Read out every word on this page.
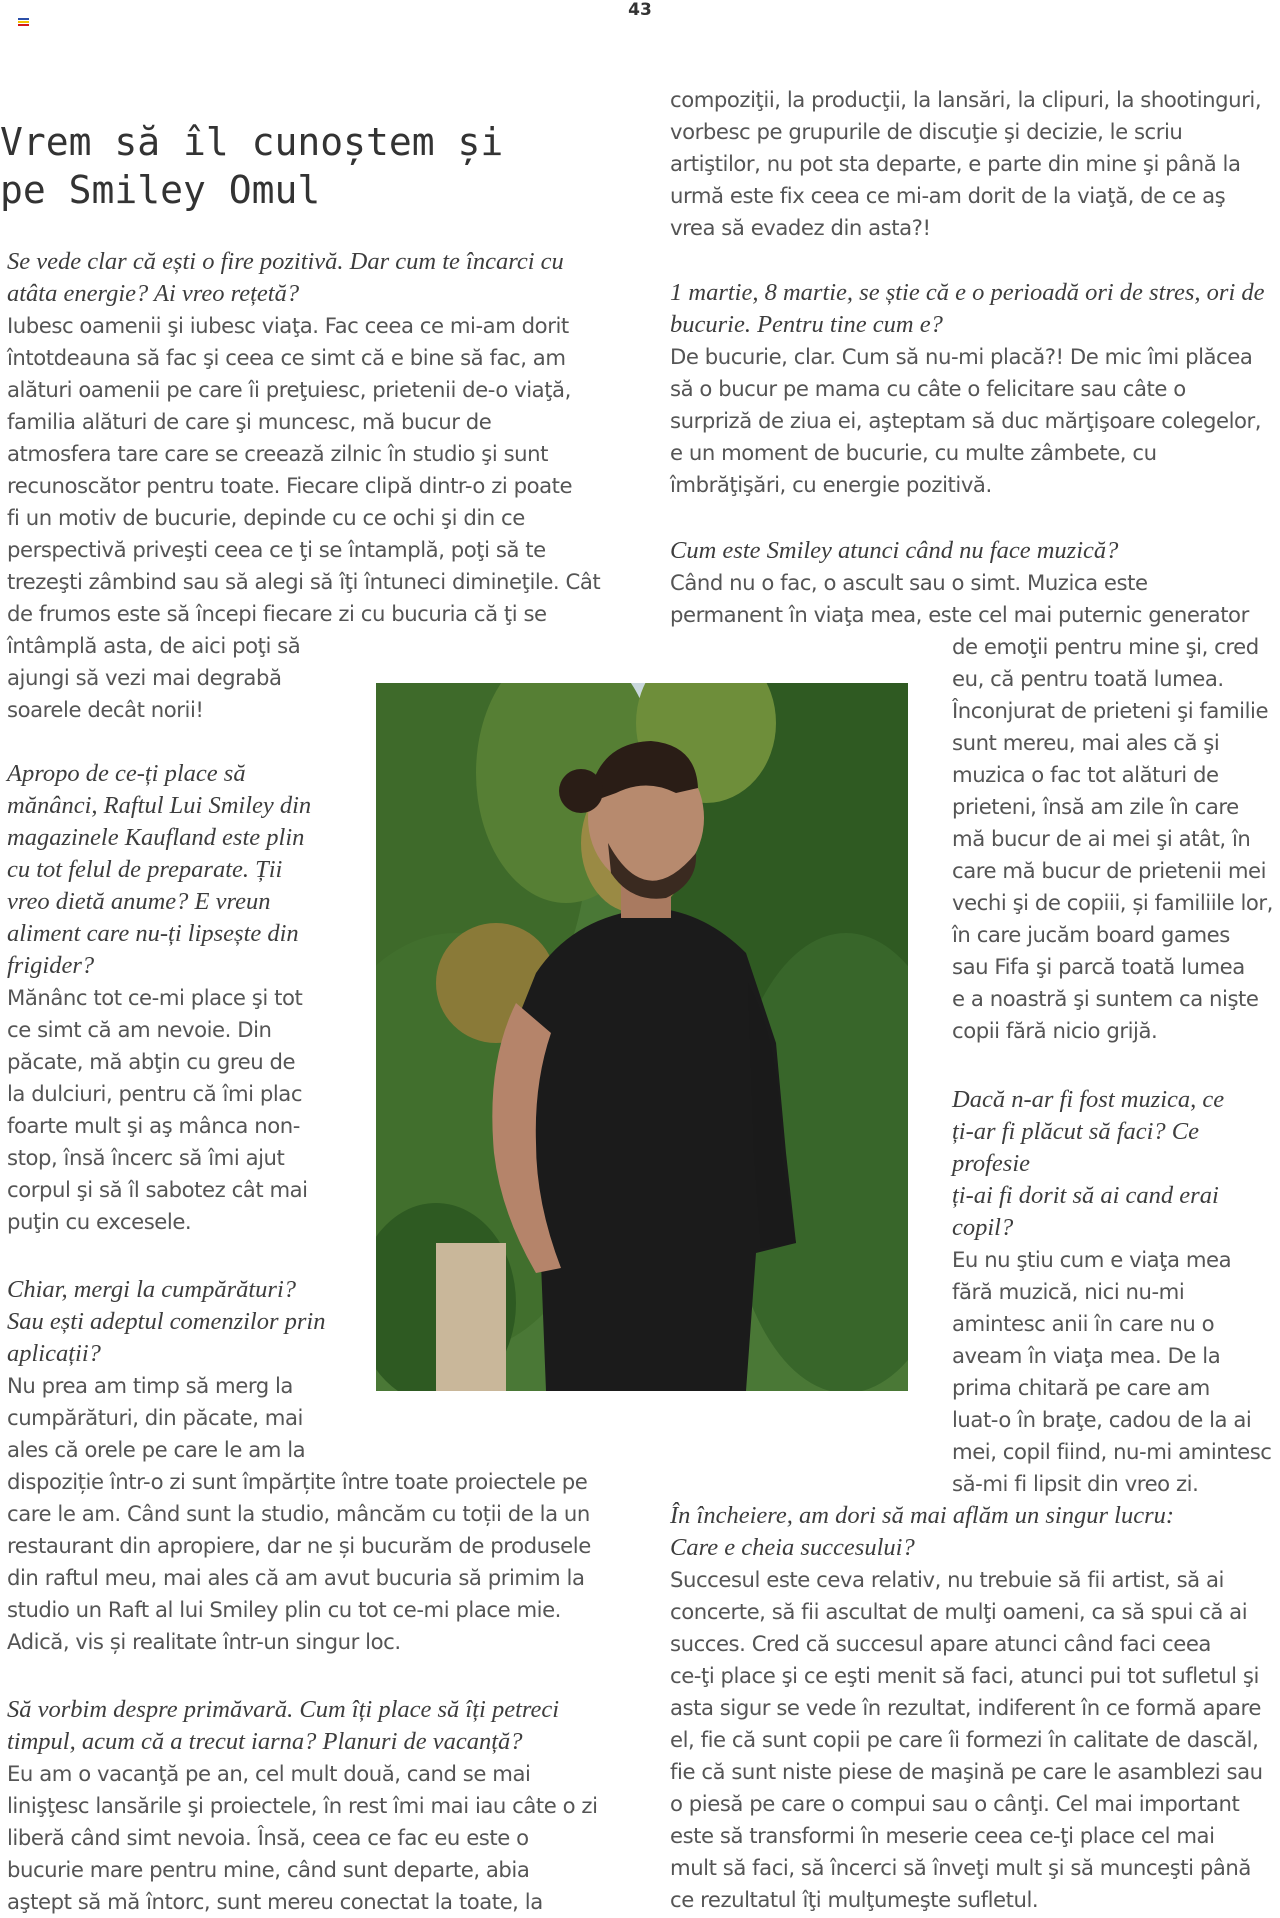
43
Vrem să îl cunoștem și
pe Smiley Omul
Se vede clar că ești o fire pozitivă. Dar cum te încarci cu
atâta energie? Ai vreo rețetă?
Iubesc oamenii şi iubesc viaţa. Fac ceea ce mi-am dorit
întotdeauna să fac şi ceea ce simt că e bine să fac, am
alături oamenii pe care îi preţuiesc, prietenii de-o viaţă,
familia alături de care şi muncesc, mă bucur de
atmosfera tare care se creează zilnic în studio şi sunt
recunoscător pentru toate. Fiecare clipă dintr-o zi poate
fi un motiv de bucurie, depinde cu ce ochi şi din ce
perspectivă priveşti ceea ce ţi se întamplă, poţi să te
trezeşti zâmbind sau să alegi să îţi întuneci dimineţile. Cât
de frumos este să începi fiecare zi cu bucuria că ţi se
întâmplă asta, de aici poţi să
ajungi să vezi mai degrabă
soarele decât norii!
Apropo de ce-ți place să
mănânci, Raftul Lui Smiley din
magazinele Kaufland este plin
cu tot felul de preparate. Ții
vreo dietă anume? E vreun
aliment care nu-ți lipsește din
frigider?
Mănânc tot ce-mi place şi tot
ce simt că am nevoie. Din
păcate, mă abţin cu greu de
la dulciuri, pentru că îmi plac
foarte mult şi aş mânca non-
stop, însă încerc să îmi ajut
corpul şi să îl sabotez cât mai
puţin cu excesele.
Chiar, mergi la cumpărături?
Sau ești adeptul comenzilor prin
aplicații?
Nu prea am timp să merg la
cumpărături, din păcate, mai
ales că orele pe care le am la
dispoziție într-o zi sunt împărțite între toate proiectele pe
care le am. Când sunt la studio, mâncăm cu toții de la un
restaurant din apropiere, dar ne și bucurăm de produsele
din raftul meu, mai ales că am avut bucuria să primim la
studio un Raft al lui Smiley plin cu tot ce-mi place mie.
Adică, vis și realitate într-un singur loc.
Să vorbim despre primăvară. Cum îți place să îți petreci
timpul, acum că a trecut iarna? Planuri de vacanță?
Eu am o vacanţă pe an, cel mult două, cand se mai
linişţesc lansările şi proiectele, în rest îmi mai iau câte o zi
liberă când simt nevoia. Însă, ceea ce fac eu este o
bucurie mare pentru mine, când sunt departe, abia
aştept să mă întorc, sunt mereu conectat la toate, la
compoziţii, la producţii, la lansări, la clipuri, la shootinguri,
vorbesc pe grupurile de discuţie şi decizie, le scriu
artiştilor, nu pot sta departe, e parte din mine şi până la
urmă este fix ceea ce mi-am dorit de la viaţă, de ce aş
vrea să evadez din asta?!
1 martie, 8 martie, se știe că e o perioadă ori de stres, ori de
bucurie. Pentru tine cum e?
De bucurie, clar. Cum să nu-mi placă?! De mic îmi plăcea
să o bucur pe mama cu câte o felicitare sau câte o
surpriză de ziua ei, aşteptam să duc mărţişoare colegelor,
e un moment de bucurie, cu multe zâmbete, cu
îmbrăţişări, cu energie pozitivă.
Cum este Smiley atunci când nu face muzică?
Când nu o fac, o ascult sau o simt. Muzica este
permanent în viaţa mea, este cel mai puternic generator
de emoţii pentru mine şi, cred
eu, că pentru toată lumea.
Înconjurat de prieteni şi familie
sunt mereu, mai ales că şi
muzica o fac tot alături de
prieteni, însă am zile în care
mă bucur de ai mei şi atât, în
care mă bucur de prietenii mei
vechi şi de copiii, și familiile lor,
în care jucăm board games
sau Fifa şi parcă toată lumea
e a noastră şi suntem ca nişte
copii fără nicio grijă.
Dacă n-ar fi fost muzica, ce
ți-ar fi plăcut să faci? Ce profesie
ți-ai fi dorit să ai cand erai
copil?
Eu nu ştiu cum e viaţa mea
fără muzică, nici nu-mi
amintesc anii în care nu o
aveam în viaţa mea. De la
prima chitară pe care am
luat-o în braţe, cadou de la ai
mei, copil fiind, nu-mi amintesc
să-mi fi lipsit din vreo zi.
În încheiere, am dori să mai aflăm un singur lucru:
Care e cheia succesului?
Succesul este ceva relativ, nu trebuie să fii artist, să ai
concerte, să fii ascultat de mulţi oameni, ca să spui că ai
succes. Cred că succesul apare atunci când faci ceea
ce-ţi place şi ce eşti menit să faci, atunci pui tot sufletul şi
asta sigur se vede în rezultat, indiferent în ce formă apare
el, fie că sunt copii pe care îi formezi în calitate de dascăl,
fie că sunt niste piese de maşină pe care le asamblezi sau
o piesă pe care o compui sau o cânţi. Cel mai important
este să transformi în meserie ceea ce-ţi place cel mai
mult să faci, să încerci să înveţi mult şi să munceşti până
ce rezultatul îţi mulţumeşte sufletul.
